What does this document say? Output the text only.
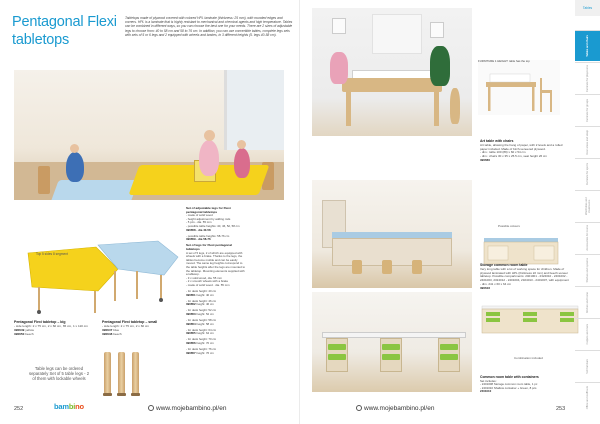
Pentagonal Flexi
tabletops
Tabletops made of plywood covered with colored HPL laminate (thickness: 25 mm), with rounded edges and corners. HPL is a laminate that is highly resistant to mechanical and chemical agents and high temperature. Tables can be combined in different ways, so you can choose the best one for your needs. There are 2 sizes of adjustable legs to choose from: 40 to 58 cm and 58 to 76 cm. In addition, you can use convertible tables, complete legs sets with sets of 5 or 6 legs and 2 equipped with wheels and brakes, in 3 different heights (5. legs 40-58 cm).
Top 5 sides 8 segment
Set of adjustable legs for Flexi pentagonal tabletops
- made of solid wood
- height adjustment by adding rods
- 5 pcs - dia. 55 mm
- possible table heights: 40, 46, 52, 58 cm
390658 · dia 40-58
- possible table heights: 58-76 cm
390659 · dia 58-76
Set of legs for Flexi pentagonal tabletops
A set of 5 legs, 2 of which are equipped with wheels with a brake. Thanks to the legs, the tables become mobile and can be easily moved. The same leg heights correspond to the table heights after the legs are mounted to the tabletop. Mounting elements supplied with a tabletop.
- 3 x solid wood, dia. 55 mm
- 2 x smooth wheels with a brake
- made of solid wood · dia. 55 mm
- for desk height: 40 cm
390651 height: 40 cm
- for desk height: 46 cm
390652 height: 46 cm
- for desk height: 52 cm
390653 height: 52 cm
- for desk height: 58 cm
390654 height: 58 cm
- for desk height: 64 cm
390655 height: 64 cm
- for desk height: 70 cm
390656 height: 70 cm
- for desk height: 76 cm
390657 height: 76 cm
Pentagonal Flexi tabletop – big
- side length: 2 x 75 cm, 2 x 60 cm, 65 cm, 1 x 110 cm
390649 yellow
390650 beech
Pentagonal Flexi tabletop – small
- side length: 2 x 75 cm, 2 x 60 cm
390647 blue
390648 beech
Table legs can be ordered separately Set of 5 table legs - 2 of them with lockable wheels
252	bambino	www.mojebambino.pl/en
FURNITURE 1 HEIGHT: table has the top
Art table with chairs
Art table, allowing the hang of paper, with 2 levels and a rolled paper included. Made of birch-veneered plywood.
- dim.: table 100 (89) x 60 x 54 cm
- dim.: chairs 30 x 35 x 25.5 cm, seat height 26 cm
390660
Possible colours
Storage common room table
Very long table with a lot of working space for children. Made of plywood laminated with HPL (thickness 22 mm) and beech-veneer tabletop. Possible compartments: 2401001 - 2324010 - 2401002 - 2401003, 2324012 - 2401004, 2324013 - 2401007, with equipment - dim. 241 x 60 x 64 cm
390616
Combination included
Common room table with containers
Set includes:
- 2401008 Storage common room table, 1 pc
- 2401010 Shallow container + Green, 8 pcs
2401010
www.mojebambino.pl/en	253
Tables
Tables and chairs
Furniture for playrooms
Furniture for groups
Rest areas and sleep
Furniture for sports
Wardrobes and cloakrooms
Accessories for rooms
Shelves and systems
Kitchen and home
Carpets and mats
Soft furniture
Office and staffroom
